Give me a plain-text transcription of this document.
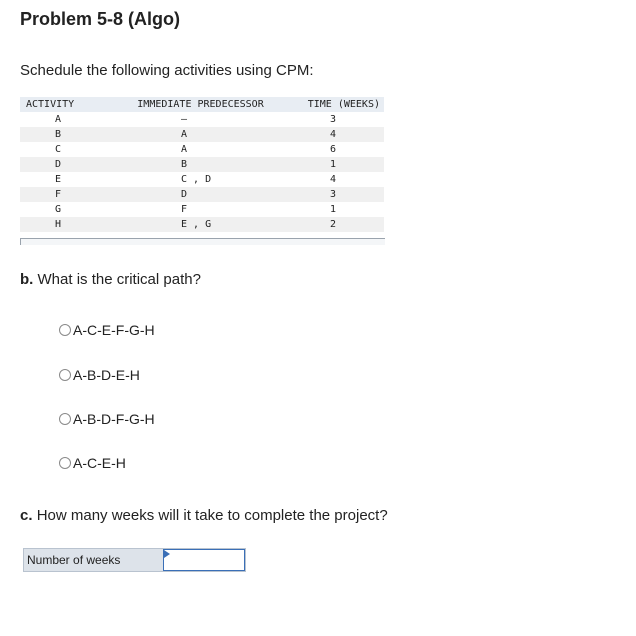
Problem 5-8 (Algo)
Schedule the following activities using CPM:
ACTIVITY	IMMEDIATE PREDECESSOR	TIME (WEEKS)
A	—	3
B	A	4
C	A	6
D	B	1
E	C , D	4
F	D	3
G	F	1
H	E , G	2
b. What is the critical path?
A-C-E-F-G-H
A-B-D-E-H
A-B-D-F-G-H
A-C-E-H
c. How many weeks will it take to complete the project?
Number of weeks
